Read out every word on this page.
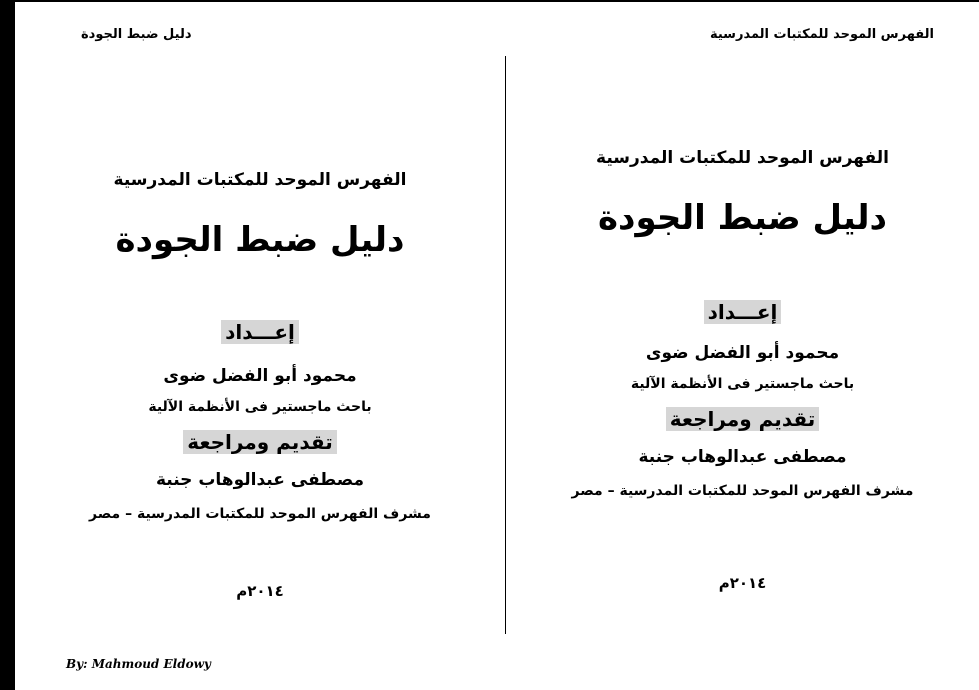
دليل ضبط الجودة
الفهرس الموحد للمكتبات المدرسية
دليل ضبط الجودة
إعـــداد
محمود أبو الفضل ضوى
باحث ماجستير فى الأنظمة الآلية
تقديم ومراجعة
مصطفى عبدالوهاب جنبة
مشرف الفهرس الموحد للمكتبات المدرسية – مصر
٢٠١٤م
الفهرس الموحد للمكتبات المدرسية
الفهرس الموحد للمكتبات المدرسية
دليل ضبط الجودة
إعـــداد
محمود أبو الفضل ضوى
باحث ماجستير فى الأنظمة الآلية
تقديم ومراجعة
مصطفى عبدالوهاب جنبة
مشرف الفهرس الموحد للمكتبات المدرسية – مصر
٢٠١٤م
By: Mahmoud Eldowy
